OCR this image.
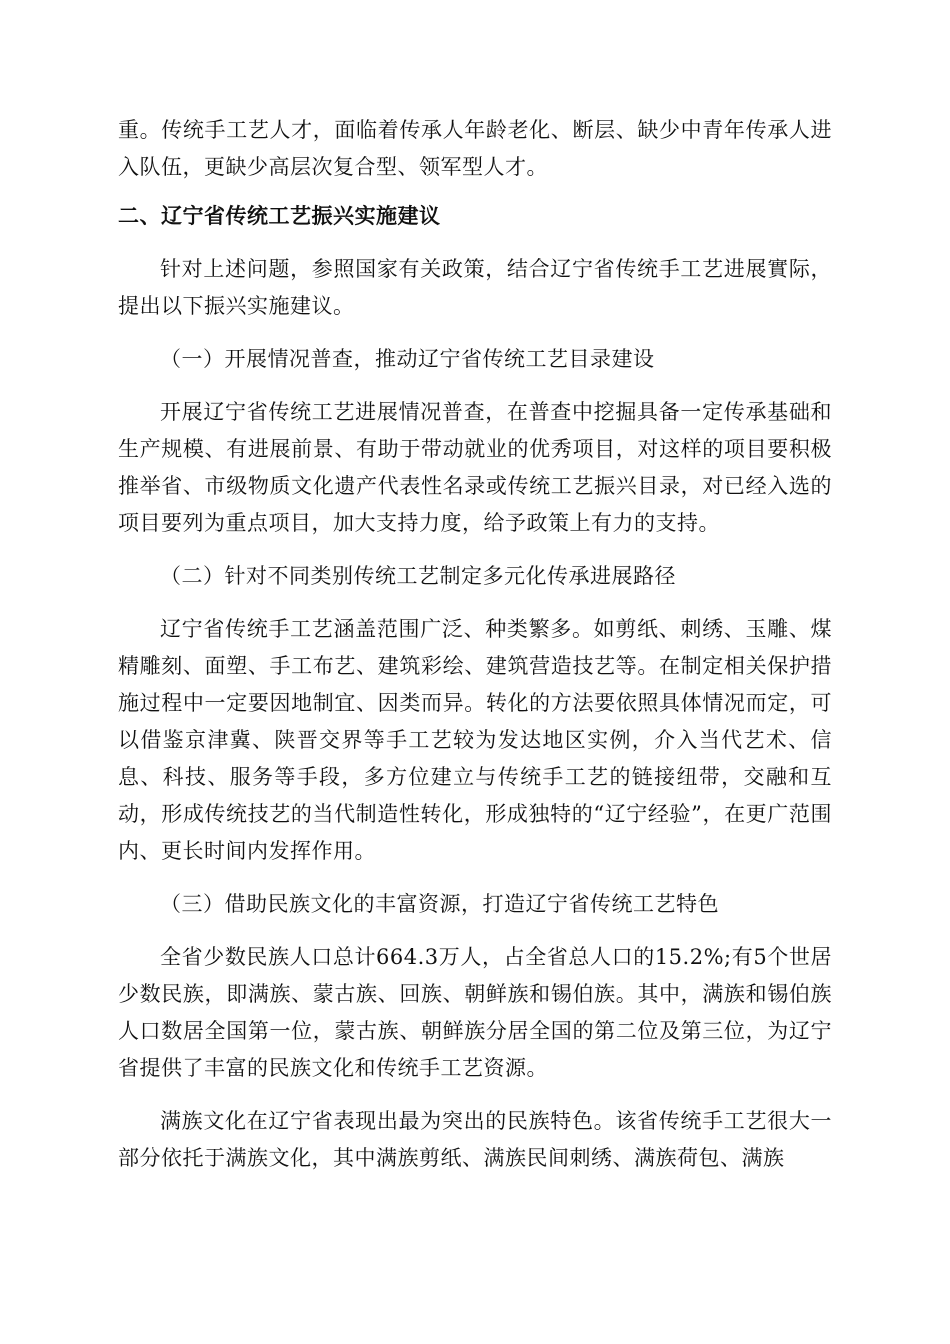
重。传统手工艺人才，面临着传承人年龄老化、断层、缺少中青年传承人进入队伍，更缺少高层次复合型、领军型人才。

二、辽宁省传统工艺振兴实施建议

针对上述问题，参照国家有关政策，结合辽宁省传统手工艺进展實际，提出以下振兴实施建议。

（一）开展情况普查，推动辽宁省传统工艺目录建设

开展辽宁省传统工艺进展情况普查，在普查中挖掘具备一定传承基础和生产规模、有进展前景、有助于带动就业的优秀项目，对这样的项目要积极推举省、市级物质文化遗产代表性名录或传统工艺振兴目录，对已经入选的项目要列为重点项目，加大支持力度，给予政策上有力的支持。

（二）针对不同类别传统工艺制定多元化传承进展路径

辽宁省传统手工艺涵盖范围广泛、种类繁多。如剪纸、刺绣、玉雕、煤精雕刻、面塑、手工布艺、建筑彩绘、建筑营造技艺等。在制定相关保护措施过程中一定要因地制宜、因类而异。转化的方法要依照具体情况而定，可以借鉴京津冀、陕晋交界等手工艺较为发达地区实例，介入当代艺术、信息、科技、服务等手段，多方位建立与传统手工艺的链接纽带，交融和互动，形成传统技艺的当代制造性转化，形成独特的“辽宁经验”，在更广范围内、更长时间内发挥作用。

（三）借助民族文化的丰富资源，打造辽宁省传统工艺特色

全省少数民族人口总计664.3万人，占全省总人口的15.2%;有5个世居少数民族，即满族、蒙古族、回族、朝鲜族和锡伯族。其中，满族和锡伯族人口数居全国第一位，蒙古族、朝鲜族分居全国的第二位及第三位，为辽宁省提供了丰富的民族文化和传统手工艺资源。

满族文化在辽宁省表现出最为突出的民族特色。该省传统手工艺很大一部分依托于满族文化，其中满族剪纸、满族民间刺绣、满族荷包、满族
